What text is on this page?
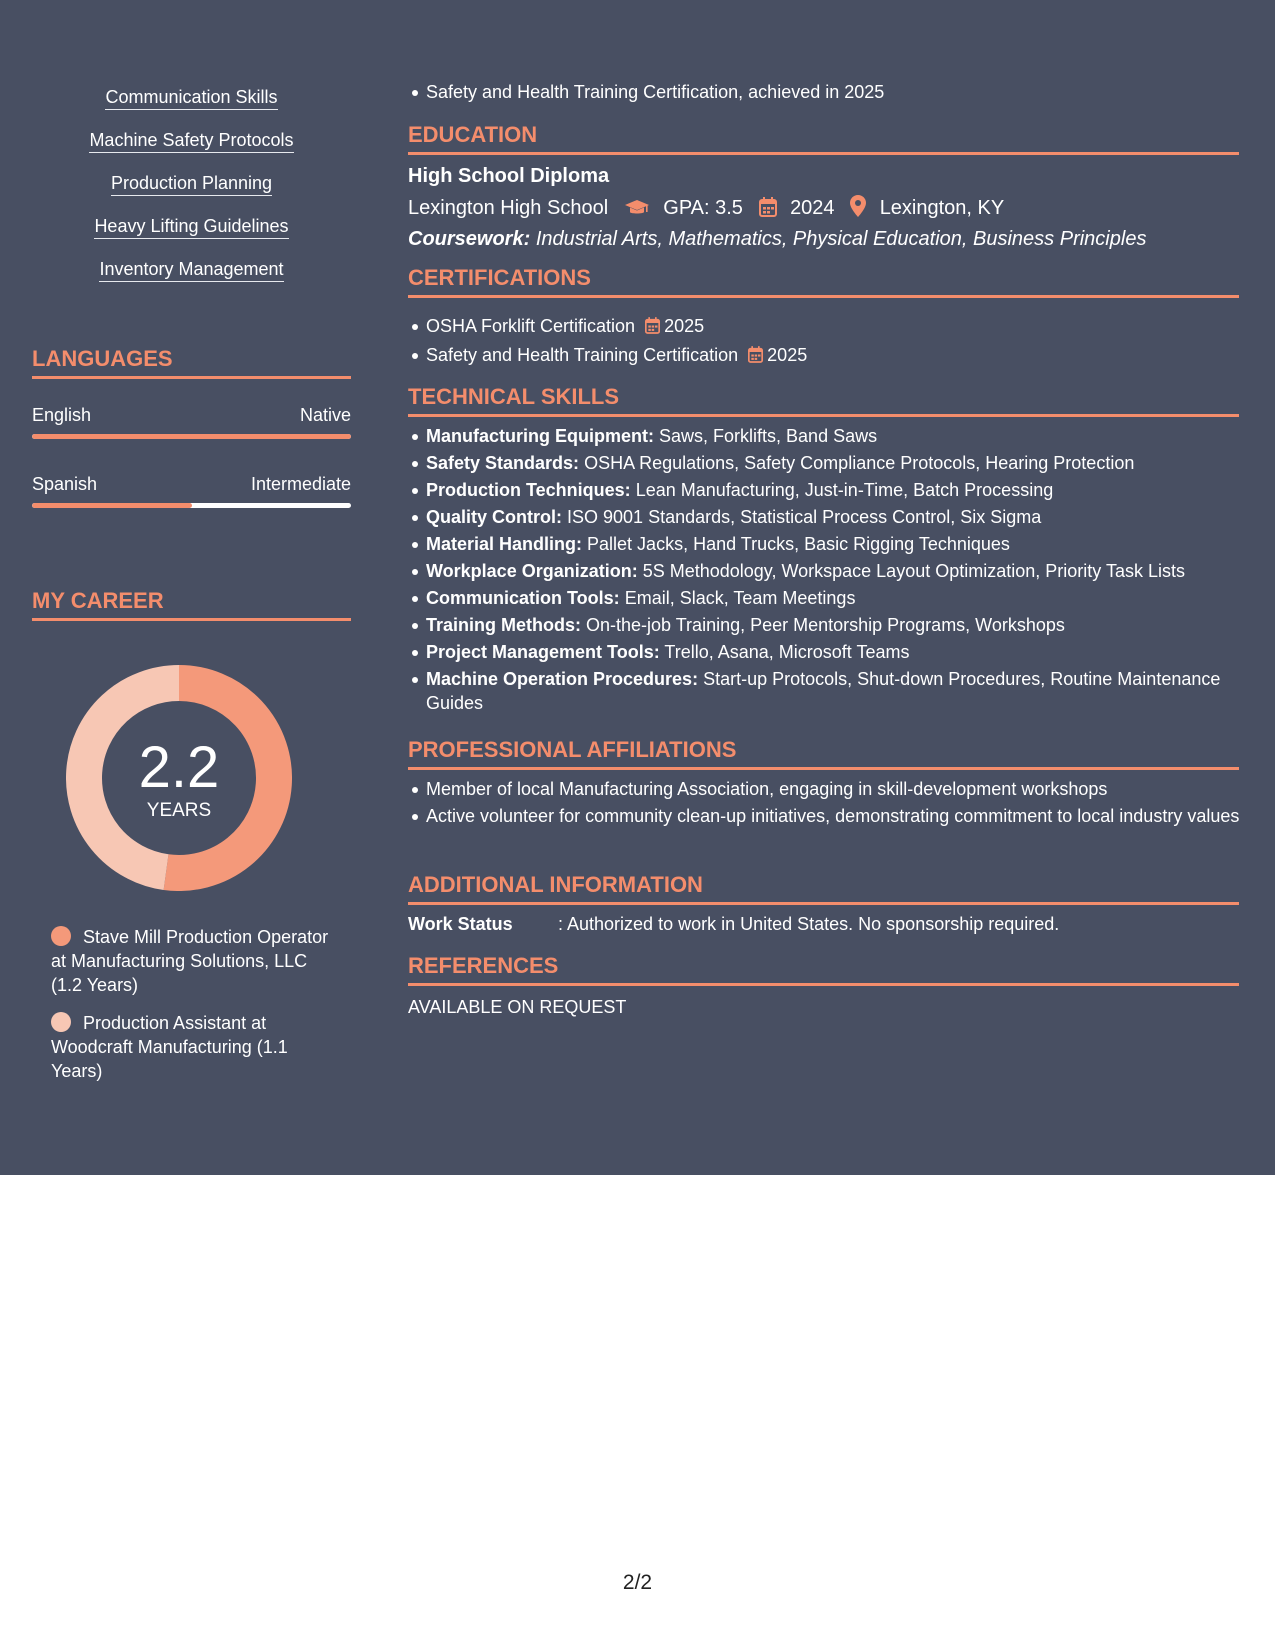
Communication Skills
Machine Safety Protocols
Production Planning
Heavy Lifting Guidelines
Inventory Management
LANGUAGES
English	Native
Spanish	Intermediate
MY CAREER
2.2
YEARS
Stave Mill Production Operator at Manufacturing Solutions, LLC (1.2 Years)
Production Assistant at Woodcraft Manufacturing (1.1 Years)
Safety and Health Training Certification, achieved in 2025
EDUCATION
High School Diploma
Lexington High School	GPA: 3.5 2024 Lexington, KY
Coursework: Industrial Arts, Mathematics, Physical Education, Business Principles
CERTIFICATIONS
OSHA Forklift Certification 2025
Safety and Health Training Certification 2025
TECHNICAL SKILLS
Manufacturing Equipment: Saws, Forklifts, Band Saws
Safety Standards: OSHA Regulations, Safety Compliance Protocols, Hearing Protection
Production Techniques: Lean Manufacturing, Just-in-Time, Batch Processing
Quality Control: ISO 9001 Standards, Statistical Process Control, Six Sigma
Material Handling: Pallet Jacks, Hand Trucks, Basic Rigging Techniques
Workplace Organization: 5S Methodology, Workspace Layout Optimization, Priority Task Lists
Communication Tools: Email, Slack, Team Meetings
Training Methods: On-the-job Training, Peer Mentorship Programs, Workshops
Project Management Tools: Trello, Asana, Microsoft Teams
Machine Operation Procedures: Start-up Protocols, Shut-down Procedures, Routine Maintenance Guides
PROFESSIONAL AFFILIATIONS
Member of local Manufacturing Association, engaging in skill-development workshops
Active volunteer for community clean-up initiatives, demonstrating commitment to local industry values
ADDITIONAL INFORMATION
Work Status	: Authorized to work in United States. No sponsorship required.
REFERENCES
AVAILABLE ON REQUEST
2/2
